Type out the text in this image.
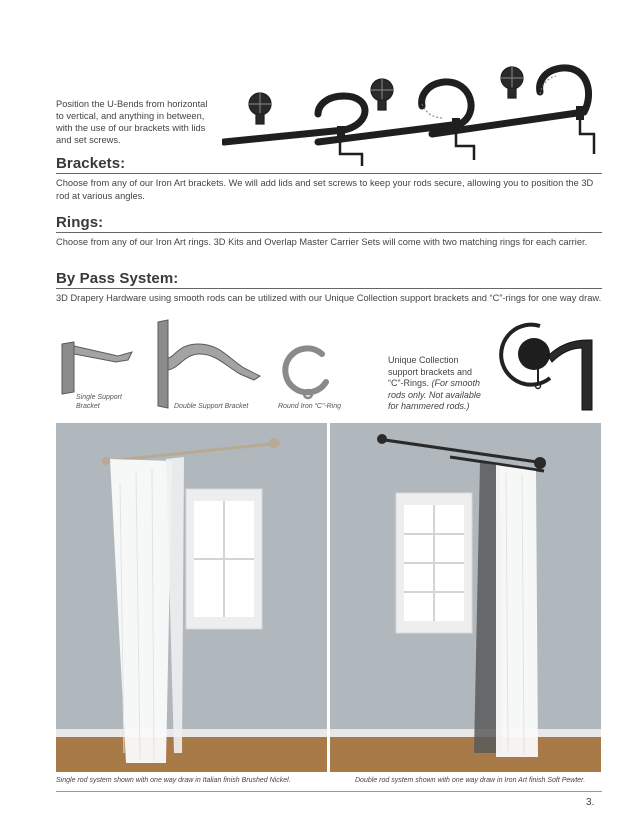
Position the U-Bends from horizontal to vertical, and anything in between, with the use of our brackets with lids and set screws.

Brackets:

Choose from any of our Iron Art brackets. We will add lids and set screws to keep your rods secure, allowing you to position the 3D rod at various angles.

Rings:

Choose from any of our Iron Art rings. 3D Kits and Overlap Master Carrier Sets will come with two matching rings for each carrier.

By Pass System:

3D Drapery Hardware using smooth rods can be utilized with our Unique Collection support brackets and “C”-rings for one way draw.

Single Support
Bracket	Double Support Bracket	Round Iron “C”-Ring
Unique Collection support brackets and “C”-Rings. (For smooth rods only. Not available for hammered rods.)
Single rod system shown with one way draw in Italian finish Brushed Nickel.	Double rod system shown with one way draw in Iron Art finish Soft Pewter.
3.
